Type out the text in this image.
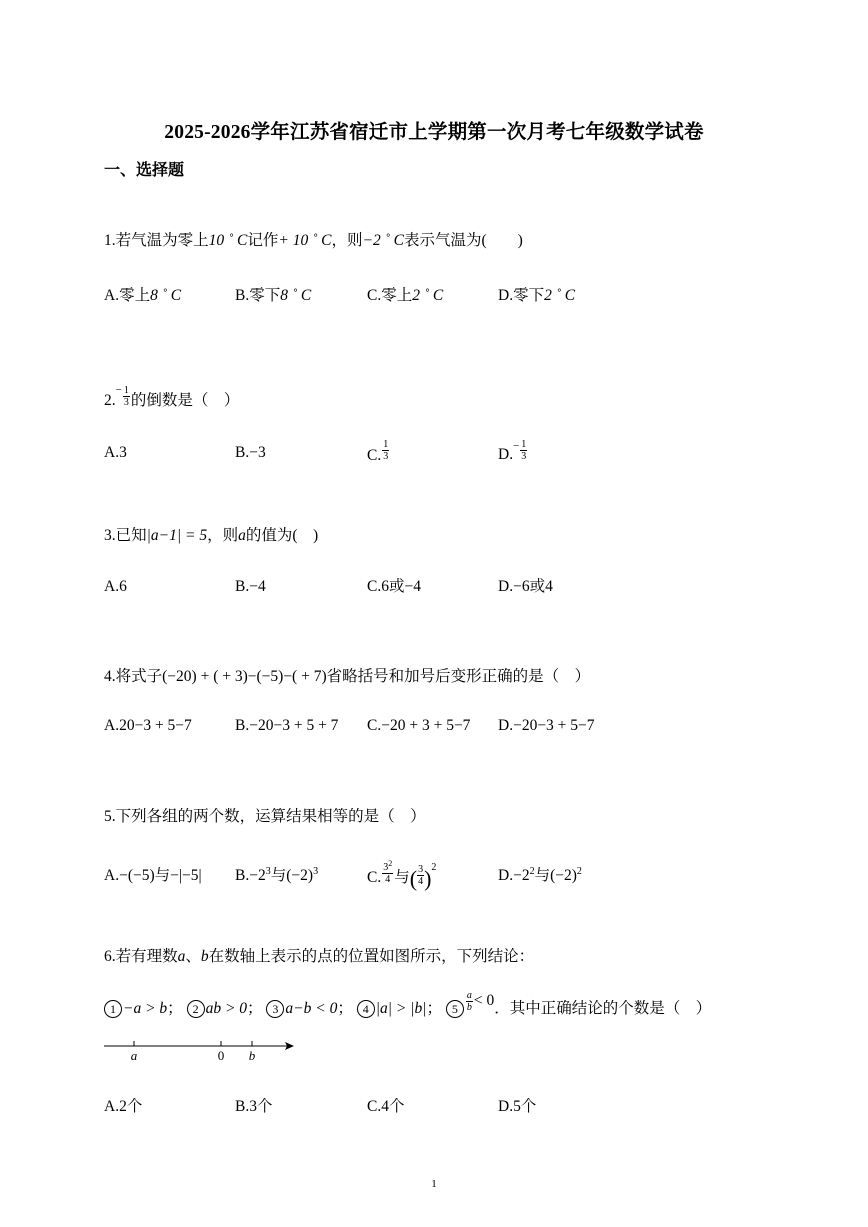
2025-2026学年江苏省宿迁市上学期第一次月考七年级数学试卷
一、选择题
1.若气温为零上10 ˚ C记作+ 10 ˚ C，则−2 ˚ C表示气温为(　　)
A.零上8 ˚ C	B.零下8 ˚ C	C.零上2 ˚ C	D.零下2 ˚ C
$2.^- \frac{1}{3}$ 的倒数是（　）
A.3	B.−3	C. $\frac{1}{3}$	$D.^- \frac{1}{3}$
3.已知|a−1| = 5，则a的值为(　)
A.6	B.−4	C.6或−4	D.−6或4
4.将式子(−20) + ( + 3)−(−5)−( + 7)省略括号和加号后变形正确的是（　）
A.20−3 + 5−7	B.−20−3 + 5 + 7 C.−20 + 3 + 5−7 D.−20−3 + 5−7
5.下列各组的两个数，运算结果相等的是（　）
A.−(−5)与−|−5| $B.-2^3$与$(-2)^3$	C. $\frac{3^2}{4}$ 与( $\frac{3}{4} )^2$	$D.-2^2$与$(-2)^2$
6.若有理数a、b在数轴上表示的点的位置如图所示，下列结论：
1 −a > b； 2 ab > 0； 3 a−b < 0； 4 |a| > |b|； $5 \frac{a}{b} < 0$．其中正确结论的个数是（　）
a	0 b
A.2个	B.3个	C.4个	D.5个
1
